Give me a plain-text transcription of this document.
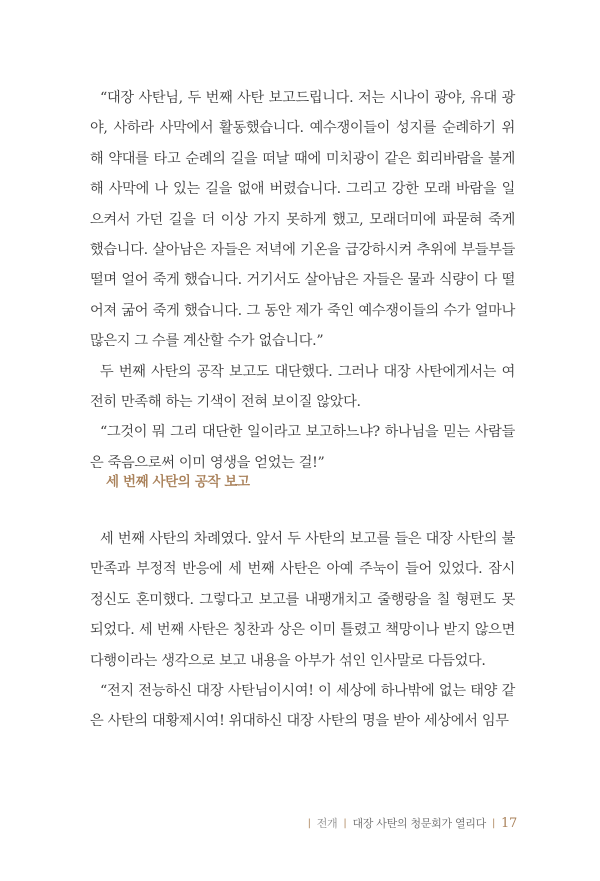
“대장 사탄님, 두 번째 사탄 보고드립니다. 저는 시나이 광야, 유대 광야, 사하라 사막에서 활동했습니다. 예수쟁이들이 성지를 순례하기 위해 약대를 타고 순례의 길을 떠날 때에 미치광이 같은 회리바람을 불게 해 사막에 나 있는 길을 없애 버렸습니다. 그리고 강한 모래 바람을 일으켜서 가던 길을 더 이상 가지 못하게 했고, 모래더미에 파묻혀 죽게 했습니다. 살아남은 자들은 저녁에 기온을 급강하시켜 추위에 부들부들 떨며 얼어 죽게 했습니다. 거기서도 살아남은 자들은 물과 식량이 다 떨어져 굶어 죽게 했습니다. 그 동안 제가 죽인 예수쟁이들의 수가 얼마나 많은지 그 수를 계산할 수가 없습니다.”

두 번째 사탄의 공작 보고도 대단했다. 그러나 대장 사탄에게서는 여전히 만족해 하는 기색이 전혀 보이질 않았다.

“그것이 뭐 그리 대단한 일이라고 보고하느냐? 하나님을 믿는 사람들은 죽음으로써 이미 영생을 얻었는 걸!”

세 번째 사탄의 공작 보고

세 번째 사탄의 차례였다. 앞서 두 사탄의 보고를 들은 대장 사탄의 불만족과 부정적 반응에 세 번째 사탄은 아예 주눅이 들어 있었다. 잠시 정신도 혼미했다. 그렇다고 보고를 내팽개치고 줄행랑을 칠 형편도 못 되었다. 세 번째 사탄은 칭찬과 상은 이미 틀렸고 책망이나 받지 않으면 다행이라는 생각으로 보고 내용을 아부가 섞인 인사말로 다듬었다.

“전지 전능하신 대장 사탄님이시여! 이 세상에 하나밖에 없는 태양 같은 사탄의 대황제시여! 위대하신 대장 사탄의 명을 받아 세상에서 임무

| 전개 | 대장 사탄의 청문회가 열리다 | 17
